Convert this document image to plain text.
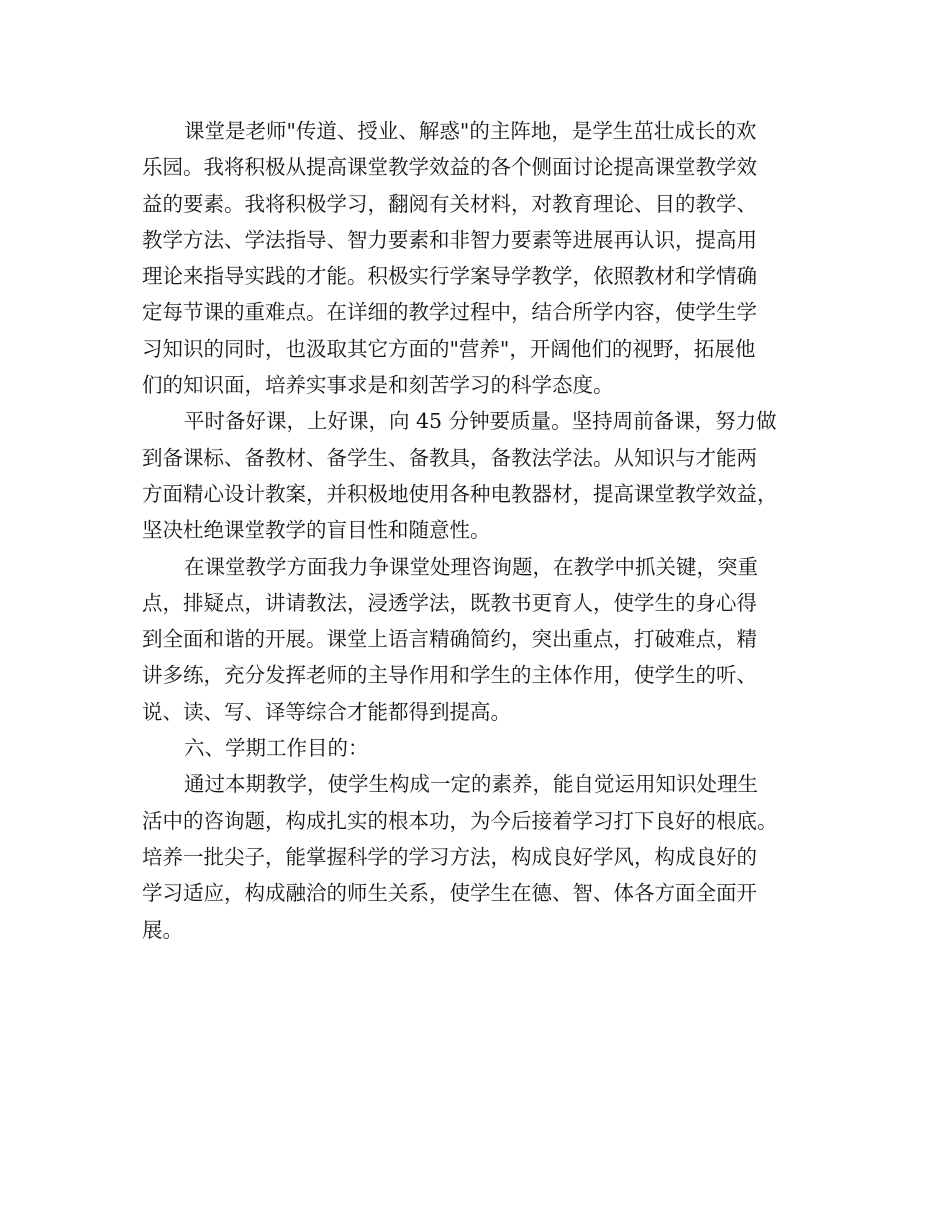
课堂是老师"传道、授业、解惑"的主阵地，是学生茁壮成长的欢
乐园。我将积极从提高课堂教学效益的各个侧面讨论提高课堂教学效
益的要素。我将积极学习，翻阅有关材料，对教育理论、目的教学、
教学方法、学法指导、智力要素和非智力要素等进展再认识，提高用
理论来指导实践的才能。积极实行学案导学教学，依照教材和学情确
定每节课的重难点。在详细的教学过程中，结合所学内容，使学生学
习知识的同时，也汲取其它方面的"营养"，开阔他们的视野，拓展他
们的知识面，培养实事求是和刻苦学习的科学态度。
平时备好课，上好课，向 45 分钟要质量。坚持周前备课，努力做
到备课标、备教材、备学生、备教具，备教法学法。从知识与才能两
方面精心设计教案，并积极地使用各种电教器材，提高课堂教学效益，
坚决杜绝课堂教学的盲目性和随意性。
在课堂教学方面我力争课堂处理咨询题，在教学中抓关键，突重
点，排疑点，讲请教法，浸透学法，既教书更育人，使学生的身心得
到全面和谐的开展。课堂上语言精确简约，突出重点，打破难点，精
讲多练，充分发挥老师的主导作用和学生的主体作用，使学生的听、
说、读、写、译等综合才能都得到提高。
六、学期工作目的：
通过本期教学，使学生构成一定的素养，能自觉运用知识处理生
活中的咨询题，构成扎实的根本功，为今后接着学习打下良好的根底。
培养一批尖子，能掌握科学的学习方法，构成良好学风，构成良好的
学习适应，构成融洽的师生关系，使学生在德、智、体各方面全面开
展。
